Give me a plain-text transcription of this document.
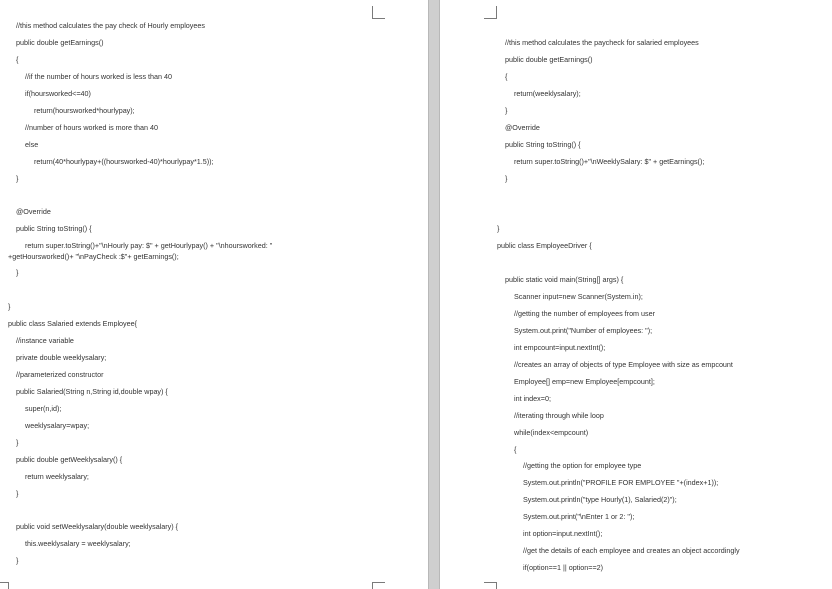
//this method calculates the pay check of Hourly employees
public double getEarnings()
{
//if the number of hours worked is less than 40
if(hoursworked<=40)
return(hoursworked*hourlypay);
//number of hours worked is more than 40
else
return(40*hourlypay+((hoursworked-40)*hourlypay*1.5));
}
@Override
public String toString() {
return super.toString()+"\nHourly pay: $" + getHourlypay() + "\nhoursworked: "
+getHoursworked()+ "\nPayCheck :$"+ getEarnings();
}
}
public class Salaried extends Employee{
//instance variable
private double weeklysalary;
//parameterized constructor
public Salaried(String n,String id,double wpay) {
super(n,id);
weeklysalary=wpay;
}
public double getWeeklysalary() {
return weeklysalary;
}
public void setWeeklysalary(double weeklysalary) {
this.weeklysalary = weeklysalary;
}
//this method calculates the paycheck for salaried employees
public double getEarnings()
{
return(weeklysalary);
}
@Override
public String toString() {
return super.toString()+"\nWeeklySalary: $" + getEarnings();
}
}
public class EmployeeDriver {
public static void main(String[] args) {
Scanner input=new Scanner(System.in);
//getting the number of employees from user
System.out.print("Number of employees: ");
int empcount=input.nextInt();
//creates an array of objects of type Employee with size as empcount
Employee[] emp=new Employee[empcount];
int index=0;
//iterating through while loop
while(index<empcount)
{
//getting the option for employee type
System.out.println("PROFILE FOR EMPLOYEE "+(index+1));
System.out.println("type Hourly(1), Salaried(2)");
System.out.print("\nEnter 1 or 2: ");
int option=input.nextInt();
//get the details of each employee and creates an object accordingly
if(option==1 || option==2)
